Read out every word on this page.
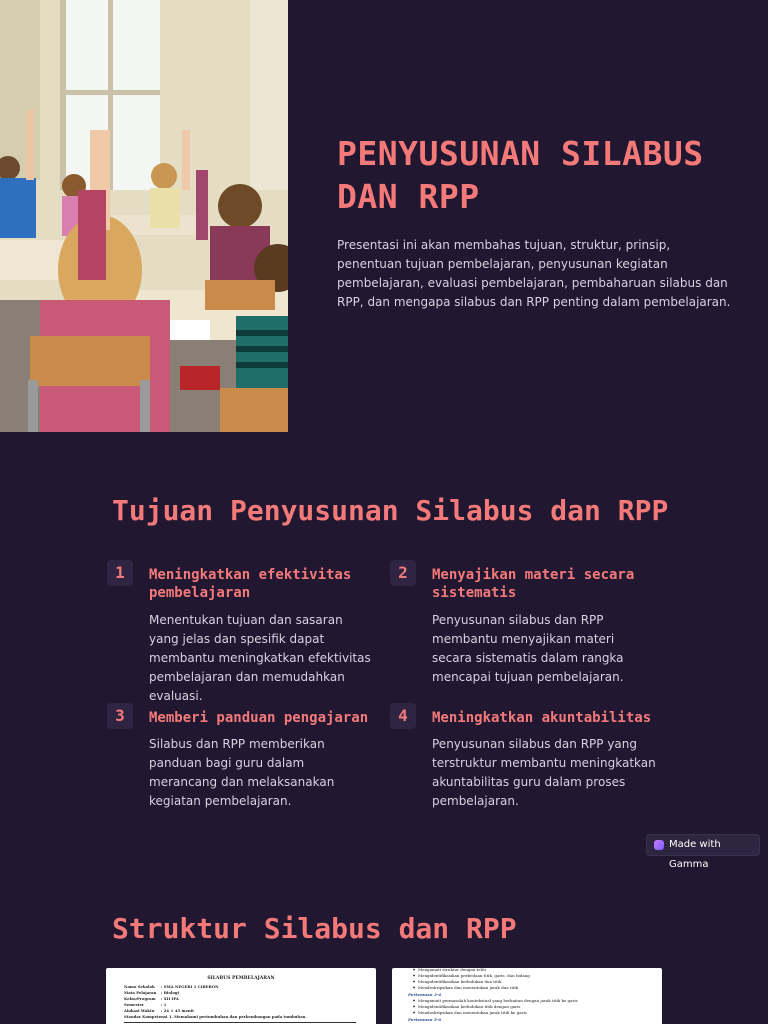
PENYUSUNAN SILABUS DAN RPP
Presentasi ini akan membahas tujuan, struktur, prinsip, penentuan tujuan pembelajaran, penyusunan kegiatan pembelajaran, evaluasi pembelajaran, pembaharuan silabus dan RPP, dan mengapa silabus dan RPP penting dalam pembelajaran.
Tujuan Penyusunan Silabus dan RPP
1	Meningkatkan efektivitas pembelajaran
Menentukan tujuan dan sasaran yang jelas dan spesifik dapat membantu meningkatkan efektivitas pembelajaran dan memudahkan evaluasi.
2	Menyajikan materi secara sistematis
Penyusunan silabus dan RPP membantu menyajikan materi secara sistematis dalam rangka mencapai tujuan pembelajaran.
3	Memberi panduan pengajaran
Silabus dan RPP memberikan panduan bagi guru dalam merancang dan melaksanakan kegiatan pembelajaran.
4	Meningkatkan akuntabilitas
Penyusunan silabus dan RPP yang terstruktur membantu meningkatkan akuntabilitas guru dalam proses pembelajaran.
Made with Gamma
Struktur Silabus dan RPP
SILABUS PEMBELAJARAN
Nama Sekolah : SMA NEGERI 1 CIREBON
Mata Pelajaran : Biologi
Kelas/Program : XII IPA
Semester	: 1
Alokasi Waktu : 24 × 45 menit
Standar Kompetensi 1. Memahami pertumbuhan dan perkembangan pada tumbuhan.
Mengamati struktur dengan teliti
Mengidentifikasikan perbedaan titik, garis, dan bidang
Mengidentifikasikan kedudukan dua titik
Mendeskripsikan dan menentukan jarak dua titik
Pertemuan 3-4
Mengamati permasalah kontekstual yang berkaitan dengan jarak titik ke garis
Mengidentifikasikan kedudukan titik dengan garis
Mendeskripsikan dan menentukan jarak titik ke garis
Pertemuan 5-6
